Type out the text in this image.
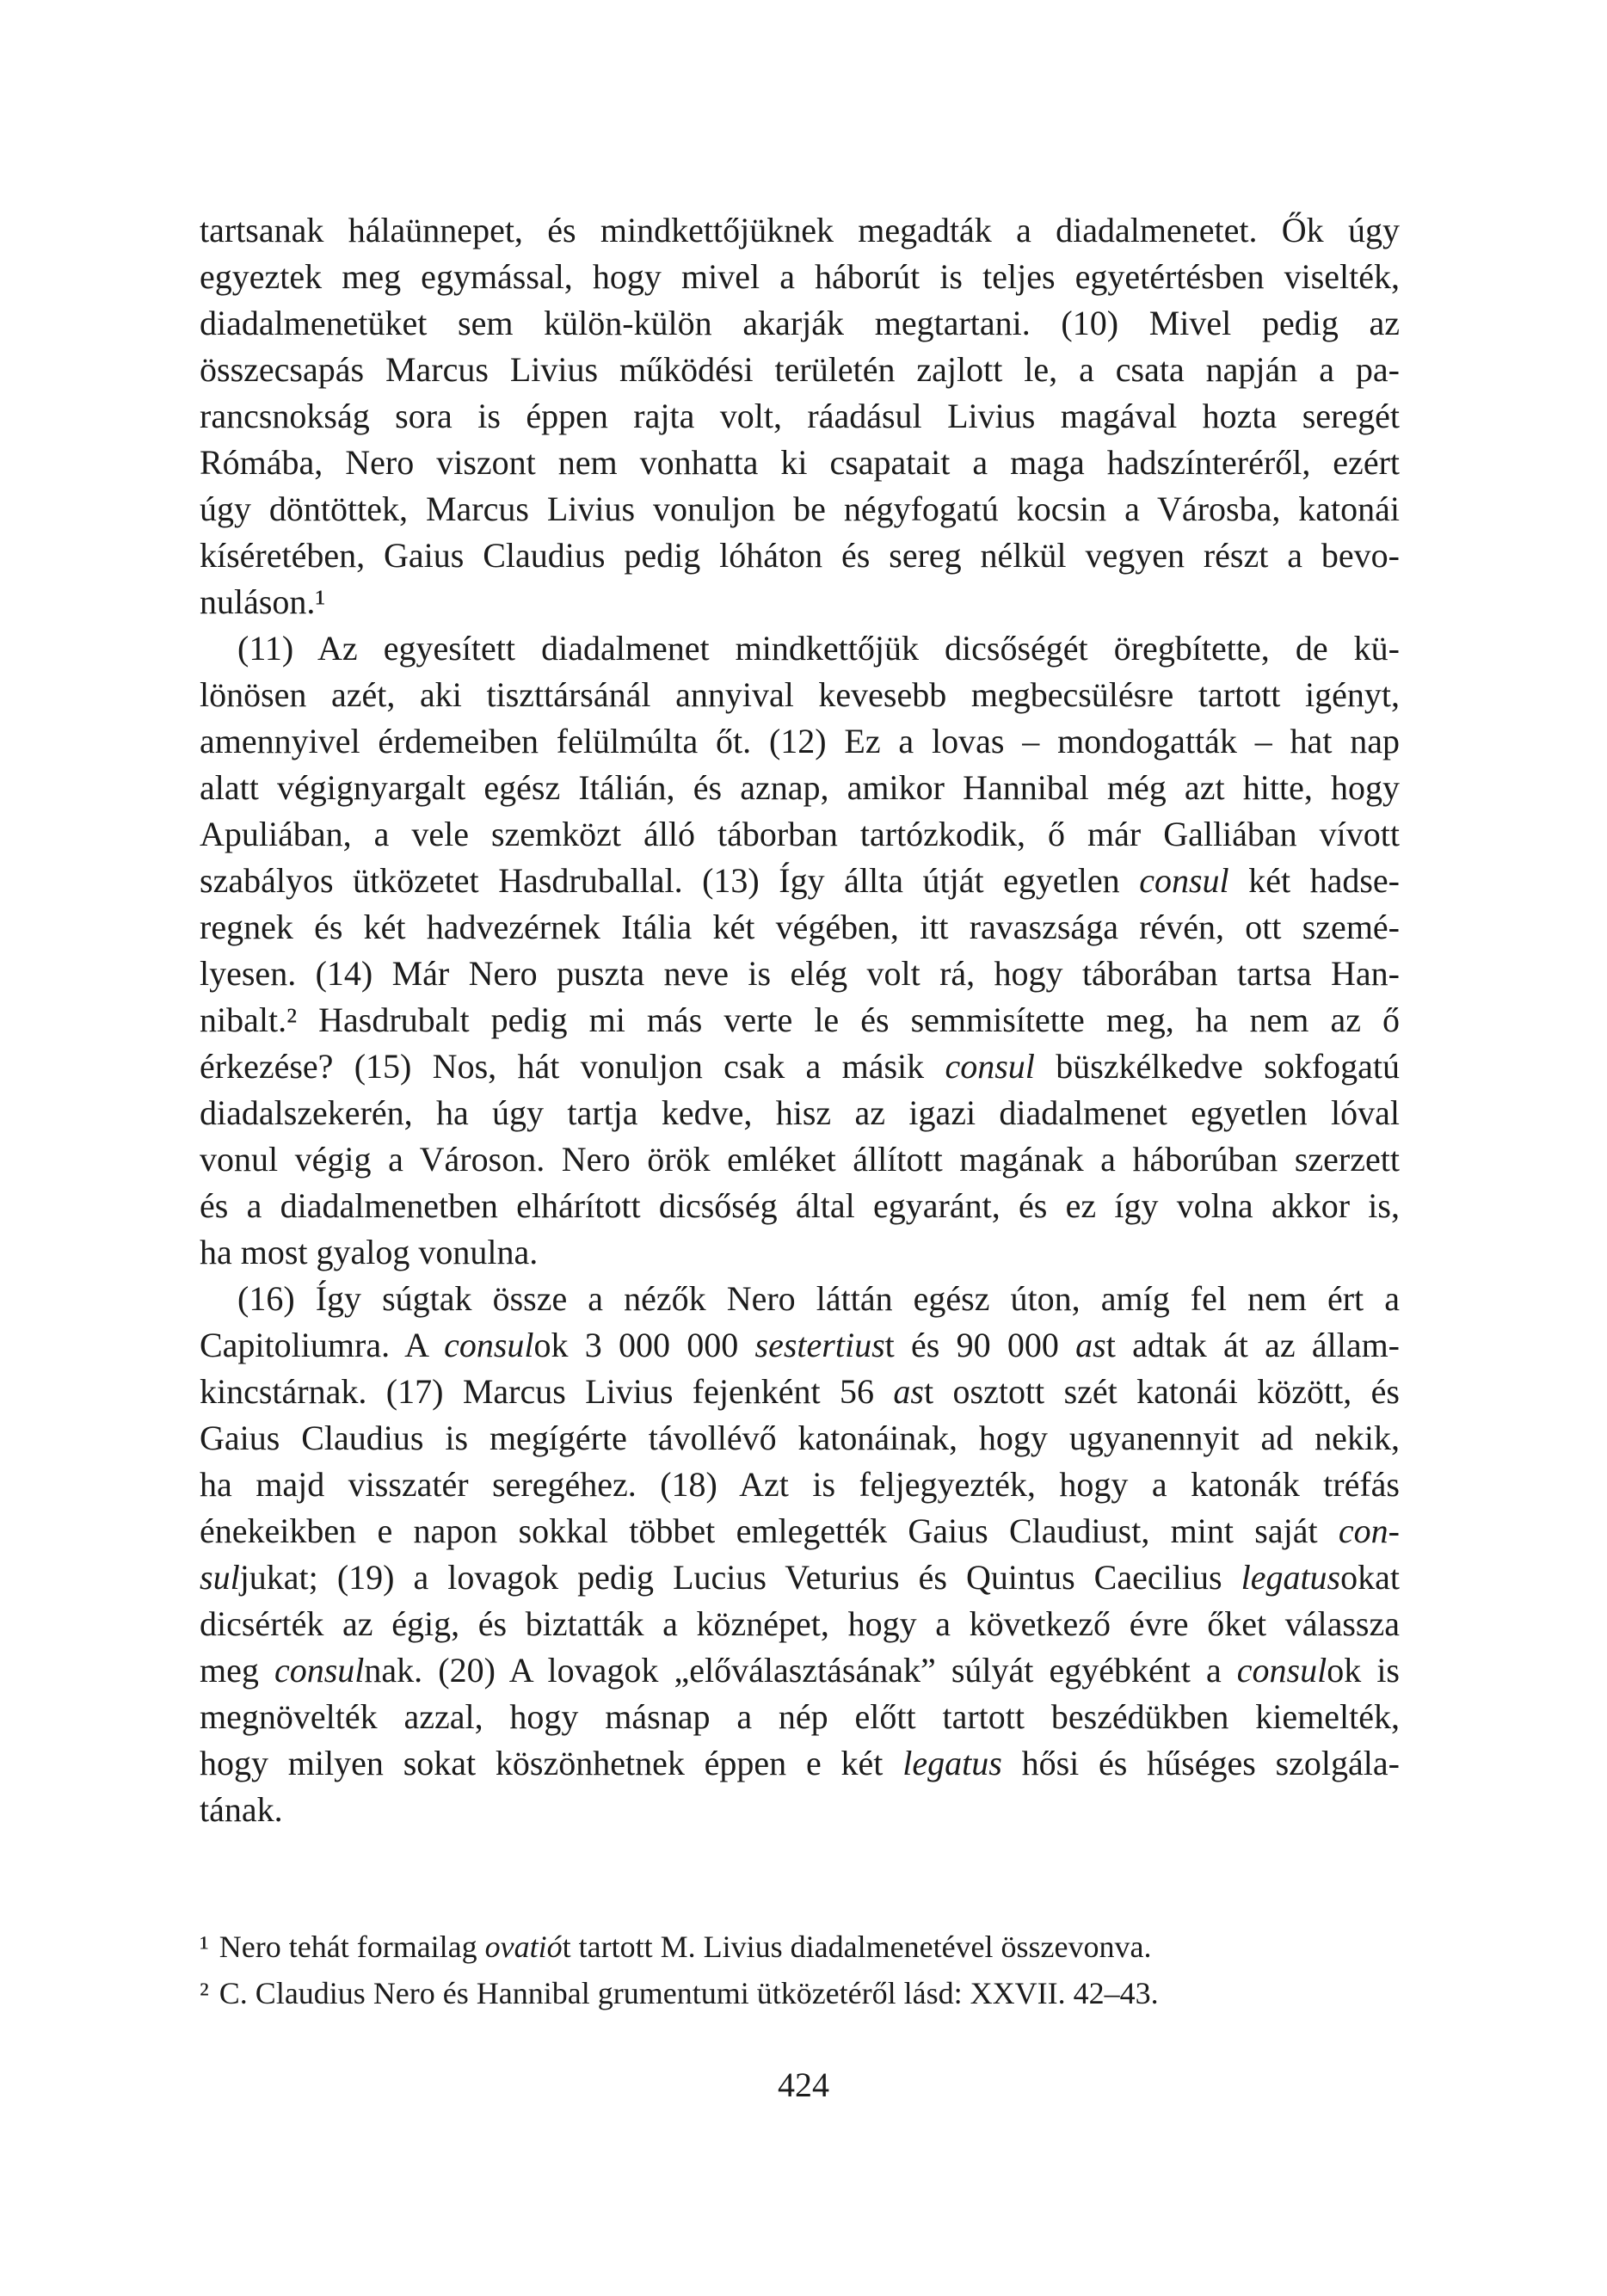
tartsanak hálaünnepet, és mindkettőjüknek megadták a diadalmenetet. Ők úgy
egyeztek meg egymással, hogy mivel a háborút is teljes egyetértésben viselték,
diadalmenetüket sem külön-külön akarják megtartani. (10) Mivel pedig az
összecsapás Marcus Livius működési területén zajlott le, a csata napján a pa-
rancsnokság sora is éppen rajta volt, ráadásul Livius magával hozta seregét
Rómába, Nero viszont nem vonhatta ki csapatait a maga hadszínteréről, ezért
úgy döntöttek, Marcus Livius vonuljon be négyfogatú kocsin a Városba, katonái
kíséretében, Gaius Claudius pedig lóháton és sereg nélkül vegyen részt a bevo-
nuláson.¹
(11) Az egyesített diadalmenet mindkettőjük dicsőségét öregbítette, de kü-
lönösen azét, aki tiszttársánál annyival kevesebb megbecsülésre tartott igényt,
amennyivel érdemeiben felülmúlta őt. (12) Ez a lovas – mondogatták – hat nap
alatt végignyargalt egész Itálián, és aznap, amikor Hannibal még azt hitte, hogy
Apuliában, a vele szemközt álló táborban tartózkodik, ő már Galliában vívott
szabályos ütközetet Hasdruballal. (13) Így állta útját egyetlen consul két hadse-
regnek és két hadvezérnek Itália két végében, itt ravaszsága révén, ott szemé-
lyesen. (14) Már Nero puszta neve is elég volt rá, hogy táborában tartsa Han-
nibalt.² Hasdrubalt pedig mi más verte le és semmisítette meg, ha nem az ő
érkezése? (15) Nos, hát vonuljon csak a másik consul büszkélkedve sokfogatú
diadalszekerén, ha úgy tartja kedve, hisz az igazi diadalmenet egyetlen lóval
vonul végig a Városon. Nero örök emléket állított magának a háborúban szerzett
és a diadalmenetben elhárított dicsőség által egyaránt, és ez így volna akkor is,
ha most gyalog vonulna.
(16) Így súgtak össze a nézők Nero láttán egész úton, amíg fel nem ért a
Capitoliumra. A consulok 3 000 000 sestertiust és 90 000 ast adtak át az állam-
kincstárnak. (17) Marcus Livius fejenként 56 ast osztott szét katonái között, és
Gaius Claudius is megígérte távollévő katonáinak, hogy ugyanennyit ad nekik,
ha majd visszatér seregéhez. (18) Azt is feljegyezték, hogy a katonák tréfás
énekeikben e napon sokkal többet emlegették Gaius Claudiust, mint saját con-
suljukat; (19) a lovagok pedig Lucius Veturius és Quintus Caecilius legatusokat
dicsérték az égig, és biztatták a köznépet, hogy a következő évre őket válassza
meg consulnak. (20) A lovagok „előválasztásának” súlyát egyébként a consulok is
megnövelték azzal, hogy másnap a nép előtt tartott beszédükben kiemelték,
hogy milyen sokat köszönhetnek éppen e két legatus hősi és hűséges szolgála-
tának.
¹ Nero tehát formailag ovatiót tartott M. Livius diadalmenetével összevonva.
² C. Claudius Nero és Hannibal grumentumi ütközetéről lásd: XXVII. 42–43.
424
